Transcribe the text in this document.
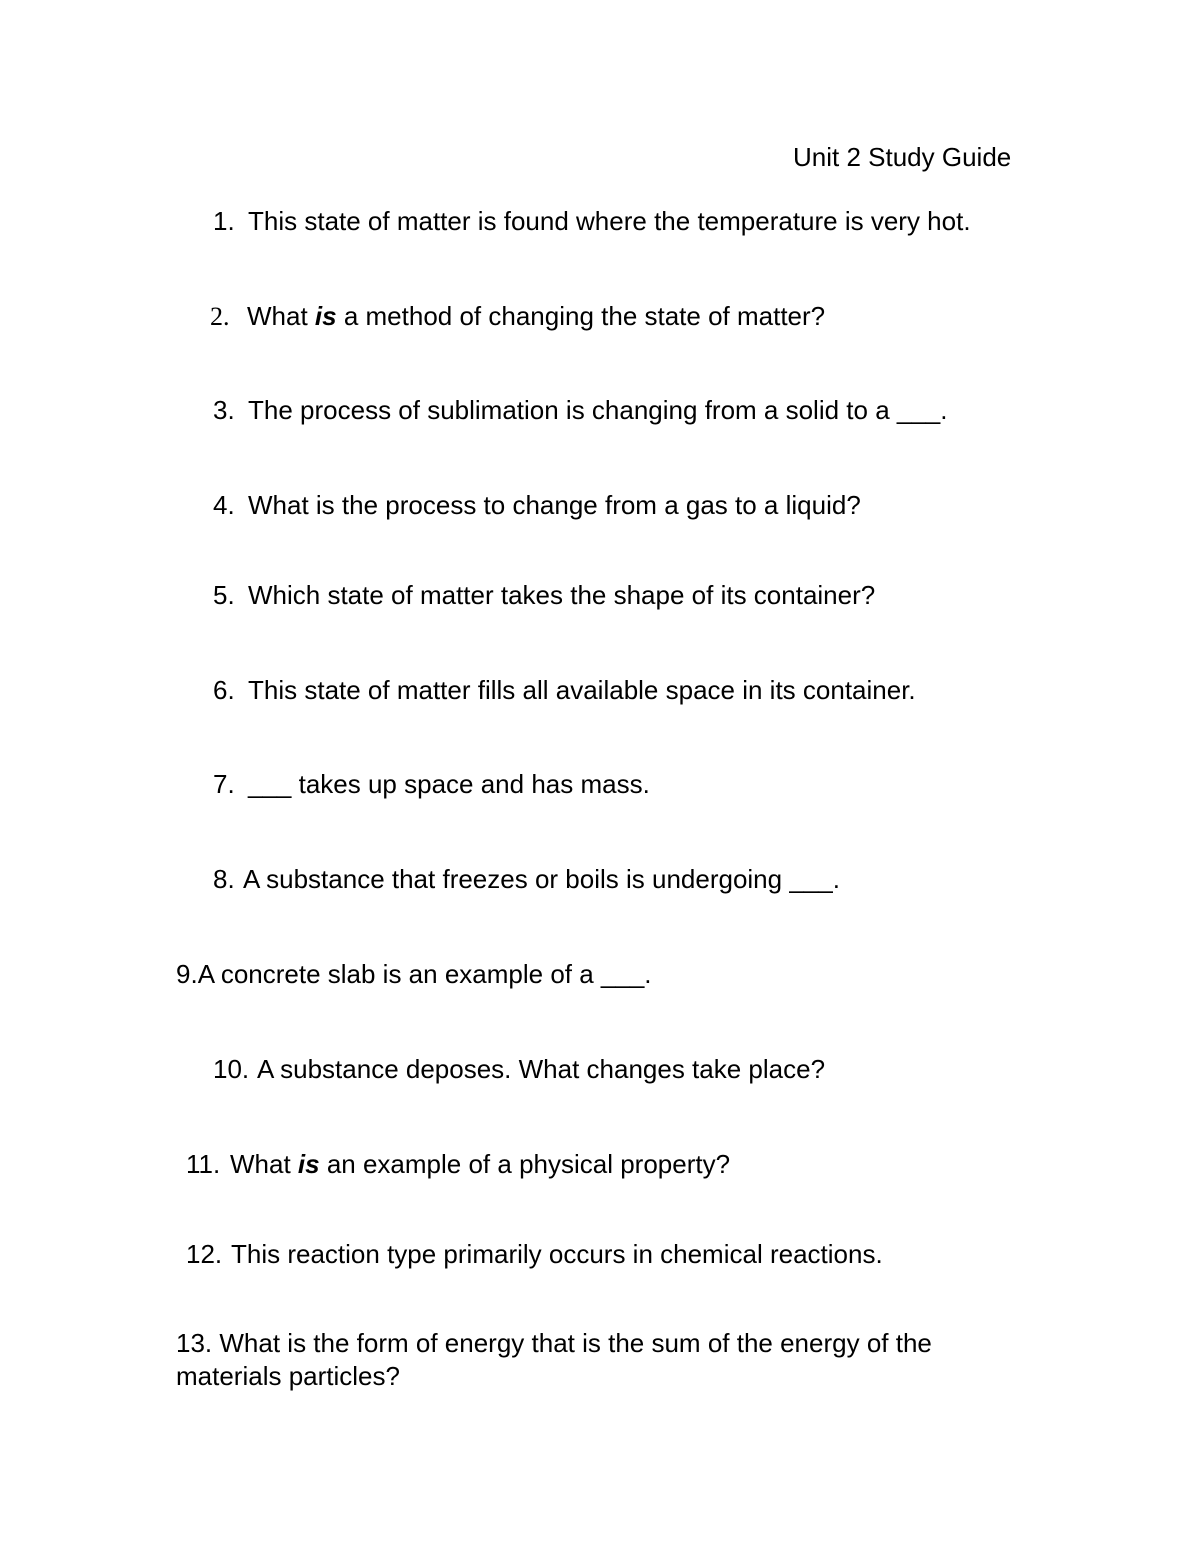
Unit 2 Study Guide
1. This state of matter is found where the temperature is very hot.
2. What is a method of changing the state of matter?
3. The process of sublimation is changing from a solid to a ___.
4. What is the process to change from a gas to a liquid?
5. Which state of matter takes the shape of its container?
6. This state of matter fills all available space in its container.
7. ___ takes up space and has mass.
8. A substance that freezes or boils is undergoing ___.
9.A concrete slab is an example of a ___.
10. A substance deposes. What changes take place?
11. What is an example of a physical property?
12. This reaction type primarily occurs in chemical reactions.
13. What is the form of energy that is the sum of the energy of the materials particles?
